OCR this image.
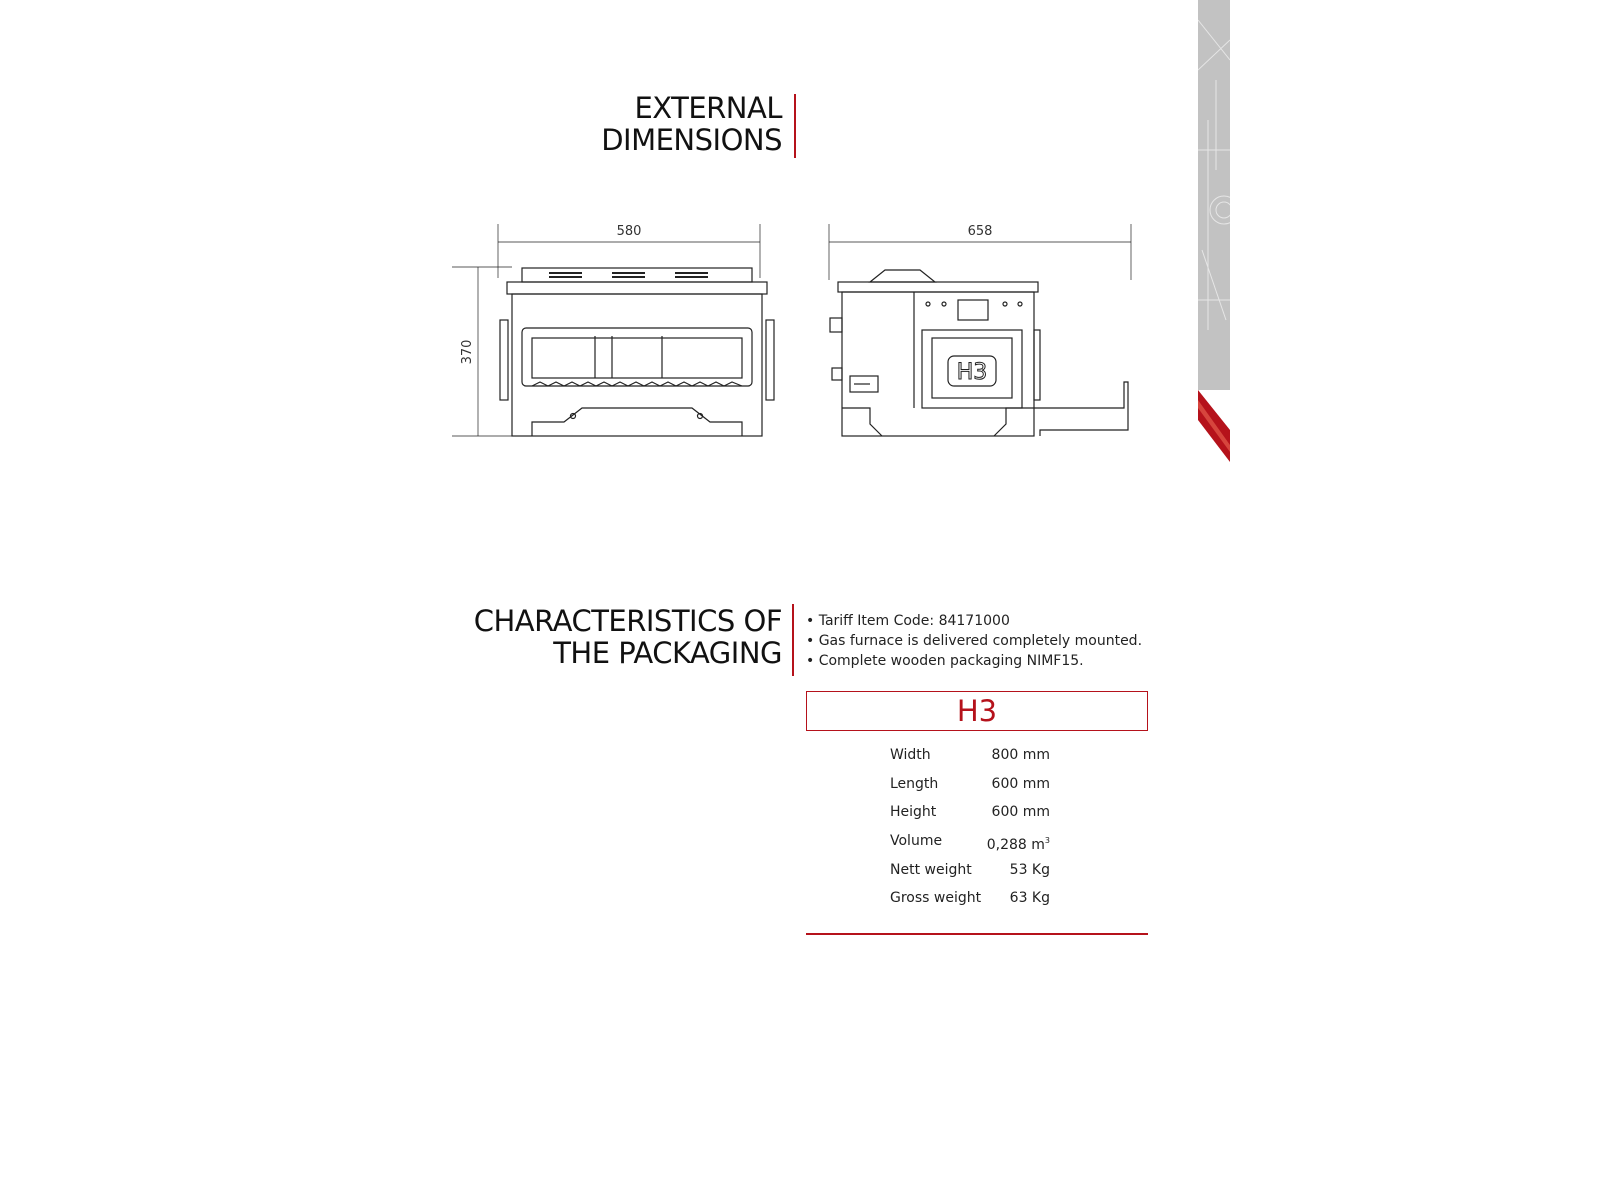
EXTERNAL
DIMENSIONS
580
370
H3
658
CHARACTERISTICS OF
THE PACKAGING
• Tariff Item Code: 84171000
• Gas furnace is delivered completely mounted.
• Complete wooden packaging NIMF15.
H3
Width	800 mm
Length	600 mm
Height	600 mm
Volume	0,288 $m^3$
Nett weight	53 Kg
Gross weight 63 Kg
